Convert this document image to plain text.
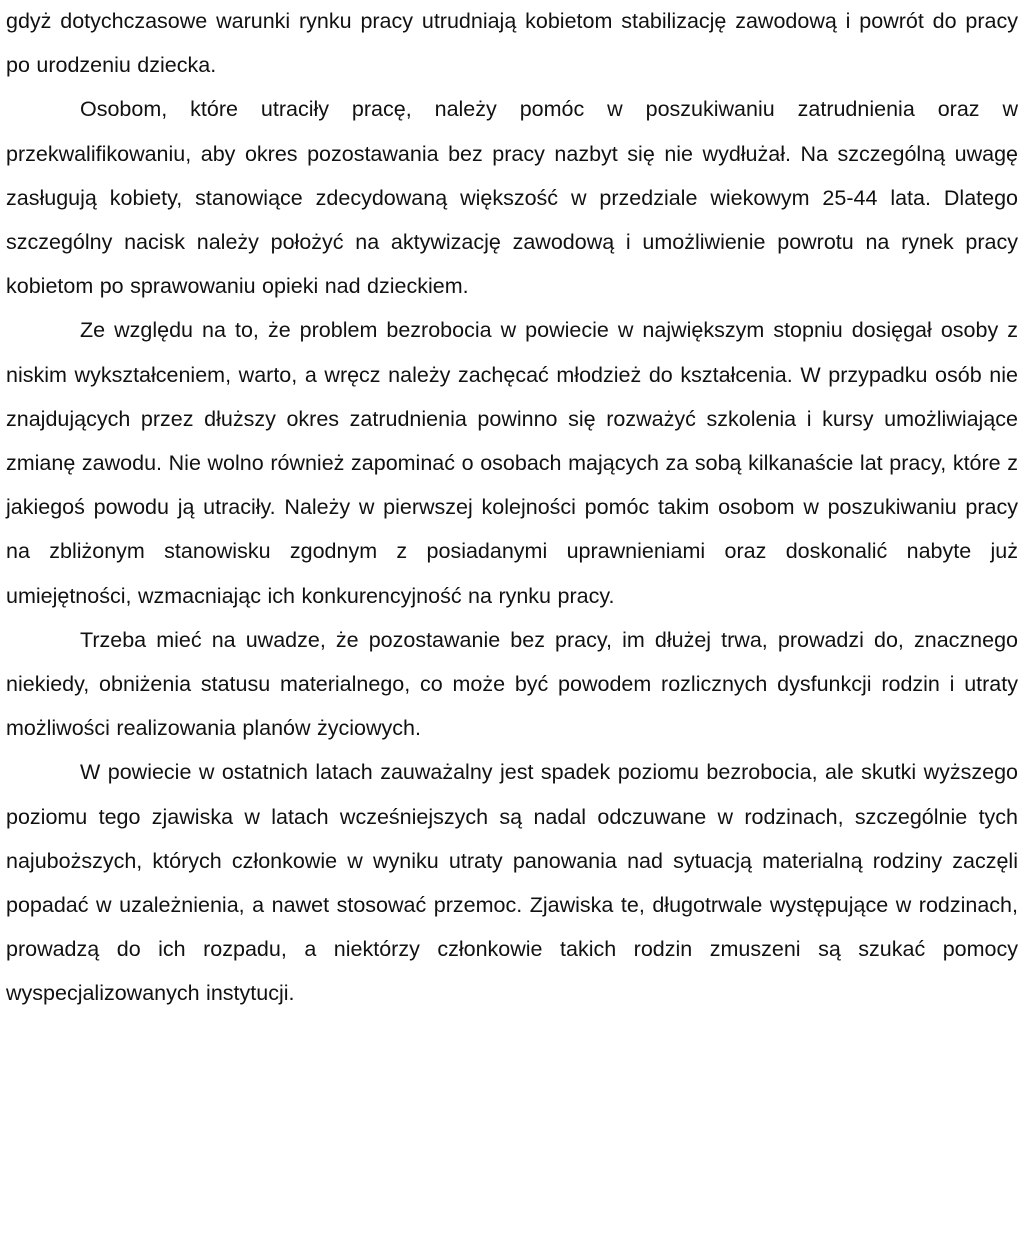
gdyż dotychczasowe warunki rynku pracy utrudniają kobietom stabilizację zawodową i powrót do pracy po urodzeniu dziecka.

Osobom, które utraciły pracę, należy pomóc w poszukiwaniu zatrudnienia oraz w przekwalifikowaniu, aby okres pozostawania bez pracy nazbyt się nie wydłużał. Na szczególną uwagę zasługują kobiety, stanowiące zdecydowaną większość w przedziale wiekowym 25-44 lata. Dlatego szczególny nacisk należy położyć na aktywizację zawodową i umożliwienie powrotu na rynek pracy kobietom po sprawowaniu opieki nad dzieckiem.

Ze względu na to, że problem bezrobocia w powiecie w największym stopniu dosięgał osoby z niskim wykształceniem, warto, a wręcz należy zachęcać młodzież do kształcenia. W przypadku osób nie znajdujących przez dłuższy okres zatrudnienia powinno się rozważyć szkolenia i kursy umożliwiające zmianę zawodu. Nie wolno również zapominać o osobach mających za sobą kilkanaście lat pracy, które z jakiegoś powodu ją utraciły. Należy w pierwszej kolejności pomóc takim osobom w poszukiwaniu pracy na zbliżonym stanowisku zgodnym z posiadanymi uprawnieniami oraz doskonalić nabyte już umiejętności, wzmacniając ich konkurencyjność na rynku pracy.

Trzeba mieć na uwadze, że pozostawanie bez pracy, im dłużej trwa, prowadzi do, znacznego niekiedy, obniżenia statusu materialnego, co może być powodem rozlicznych dysfunkcji rodzin i utraty możliwości realizowania planów życiowych.

W powiecie w ostatnich latach zauważalny jest spadek poziomu bezrobocia, ale skutki wyższego poziomu tego zjawiska w latach wcześniejszych są nadal odczuwane w rodzinach, szczególnie tych najuboższych, których członkowie w wyniku utraty panowania nad sytuacją materialną rodziny zaczęli popadać w uzależnienia, a nawet stosować przemoc. Zjawiska te, długotrwale występujące w rodzinach, prowadzą do ich rozpadu, a niektórzy członkowie takich rodzin zmuszeni są szukać pomocy wyspecjalizowanych instytucji.
